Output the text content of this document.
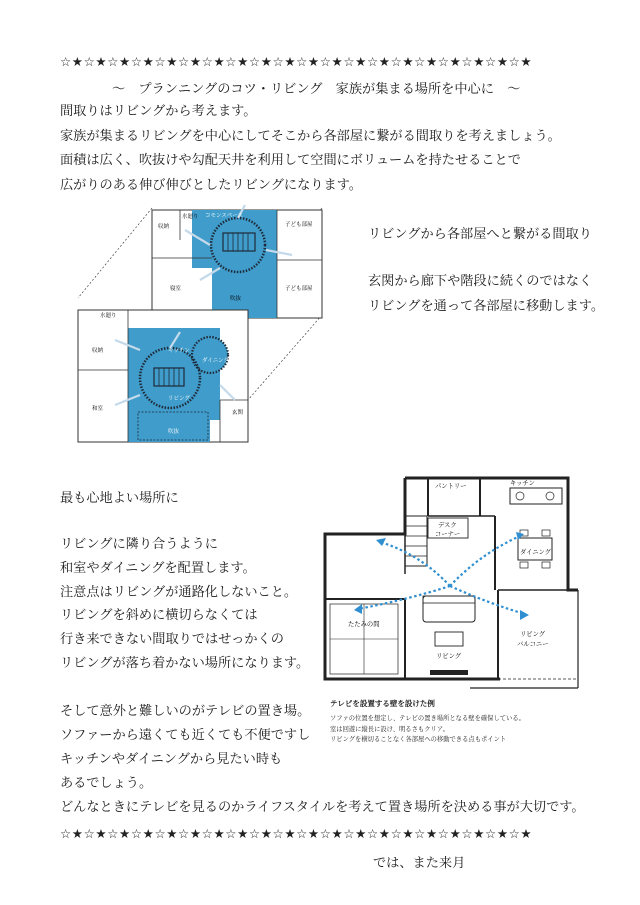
☆★☆★☆★☆★☆★☆★☆★☆★☆★☆★☆★☆★☆★☆★☆★☆★☆★☆★☆★☆★
～　プランニングのコツ・リビング　家族が集まる場所を中心に　～
間取りはリビングから考えます。
家族が集まるリビングを中心にしてそこから各部屋に繋がる間取りを考えましょう。
面積は広く、吹抜けや勾配天井を利用して空間にボリュームを持たせることで
広がりのある伸び伸びとしたリビングになります。
収納
水廻り コモンスペース
子ども部屋
寝室
吹抜
子ども部屋
水廻り
収納	キッチン
ダイニング
和室
リビング
玄関
吹抜
リビングから各部屋へと繋がる間取り
玄関から廊下や階段に続くのではなく
リビングを通って各部屋に移動します。
最も心地よい場所に
リビングに隣り合うように
和室やダイニングを配置します。
注意点はリビングが通路化しないこと。
リビングを斜めに横切らなくては
行き来できない間取りではせっかくの
リビングが落ち着かない場所になります。
そして意外と難しいのがテレビの置き場。
ソファーから遠くても近くても不便ですし
キッチンやダイニングから見たい時も
あるでしょう。
どんなときにテレビを見るのかライフスタイルを考えて置き場所を決める事が大切です。
パントリー	キッチン
デスク
コーナー
ダイニング
たたみの間
リビング
リビング
バルコニー
テレビを設置する壁を設けた例
ソファの位置を想定し、テレビの置き場所となる壁を確保している。
室は回遊に縦長に設け、明るさもクリア。
リビングを横切ることなく各部屋への移動できる点もポイント
☆★☆★☆★☆★☆★☆★☆★☆★☆★☆★☆★☆★☆★☆★☆★☆★☆★☆★☆★☆★
では、また来月
